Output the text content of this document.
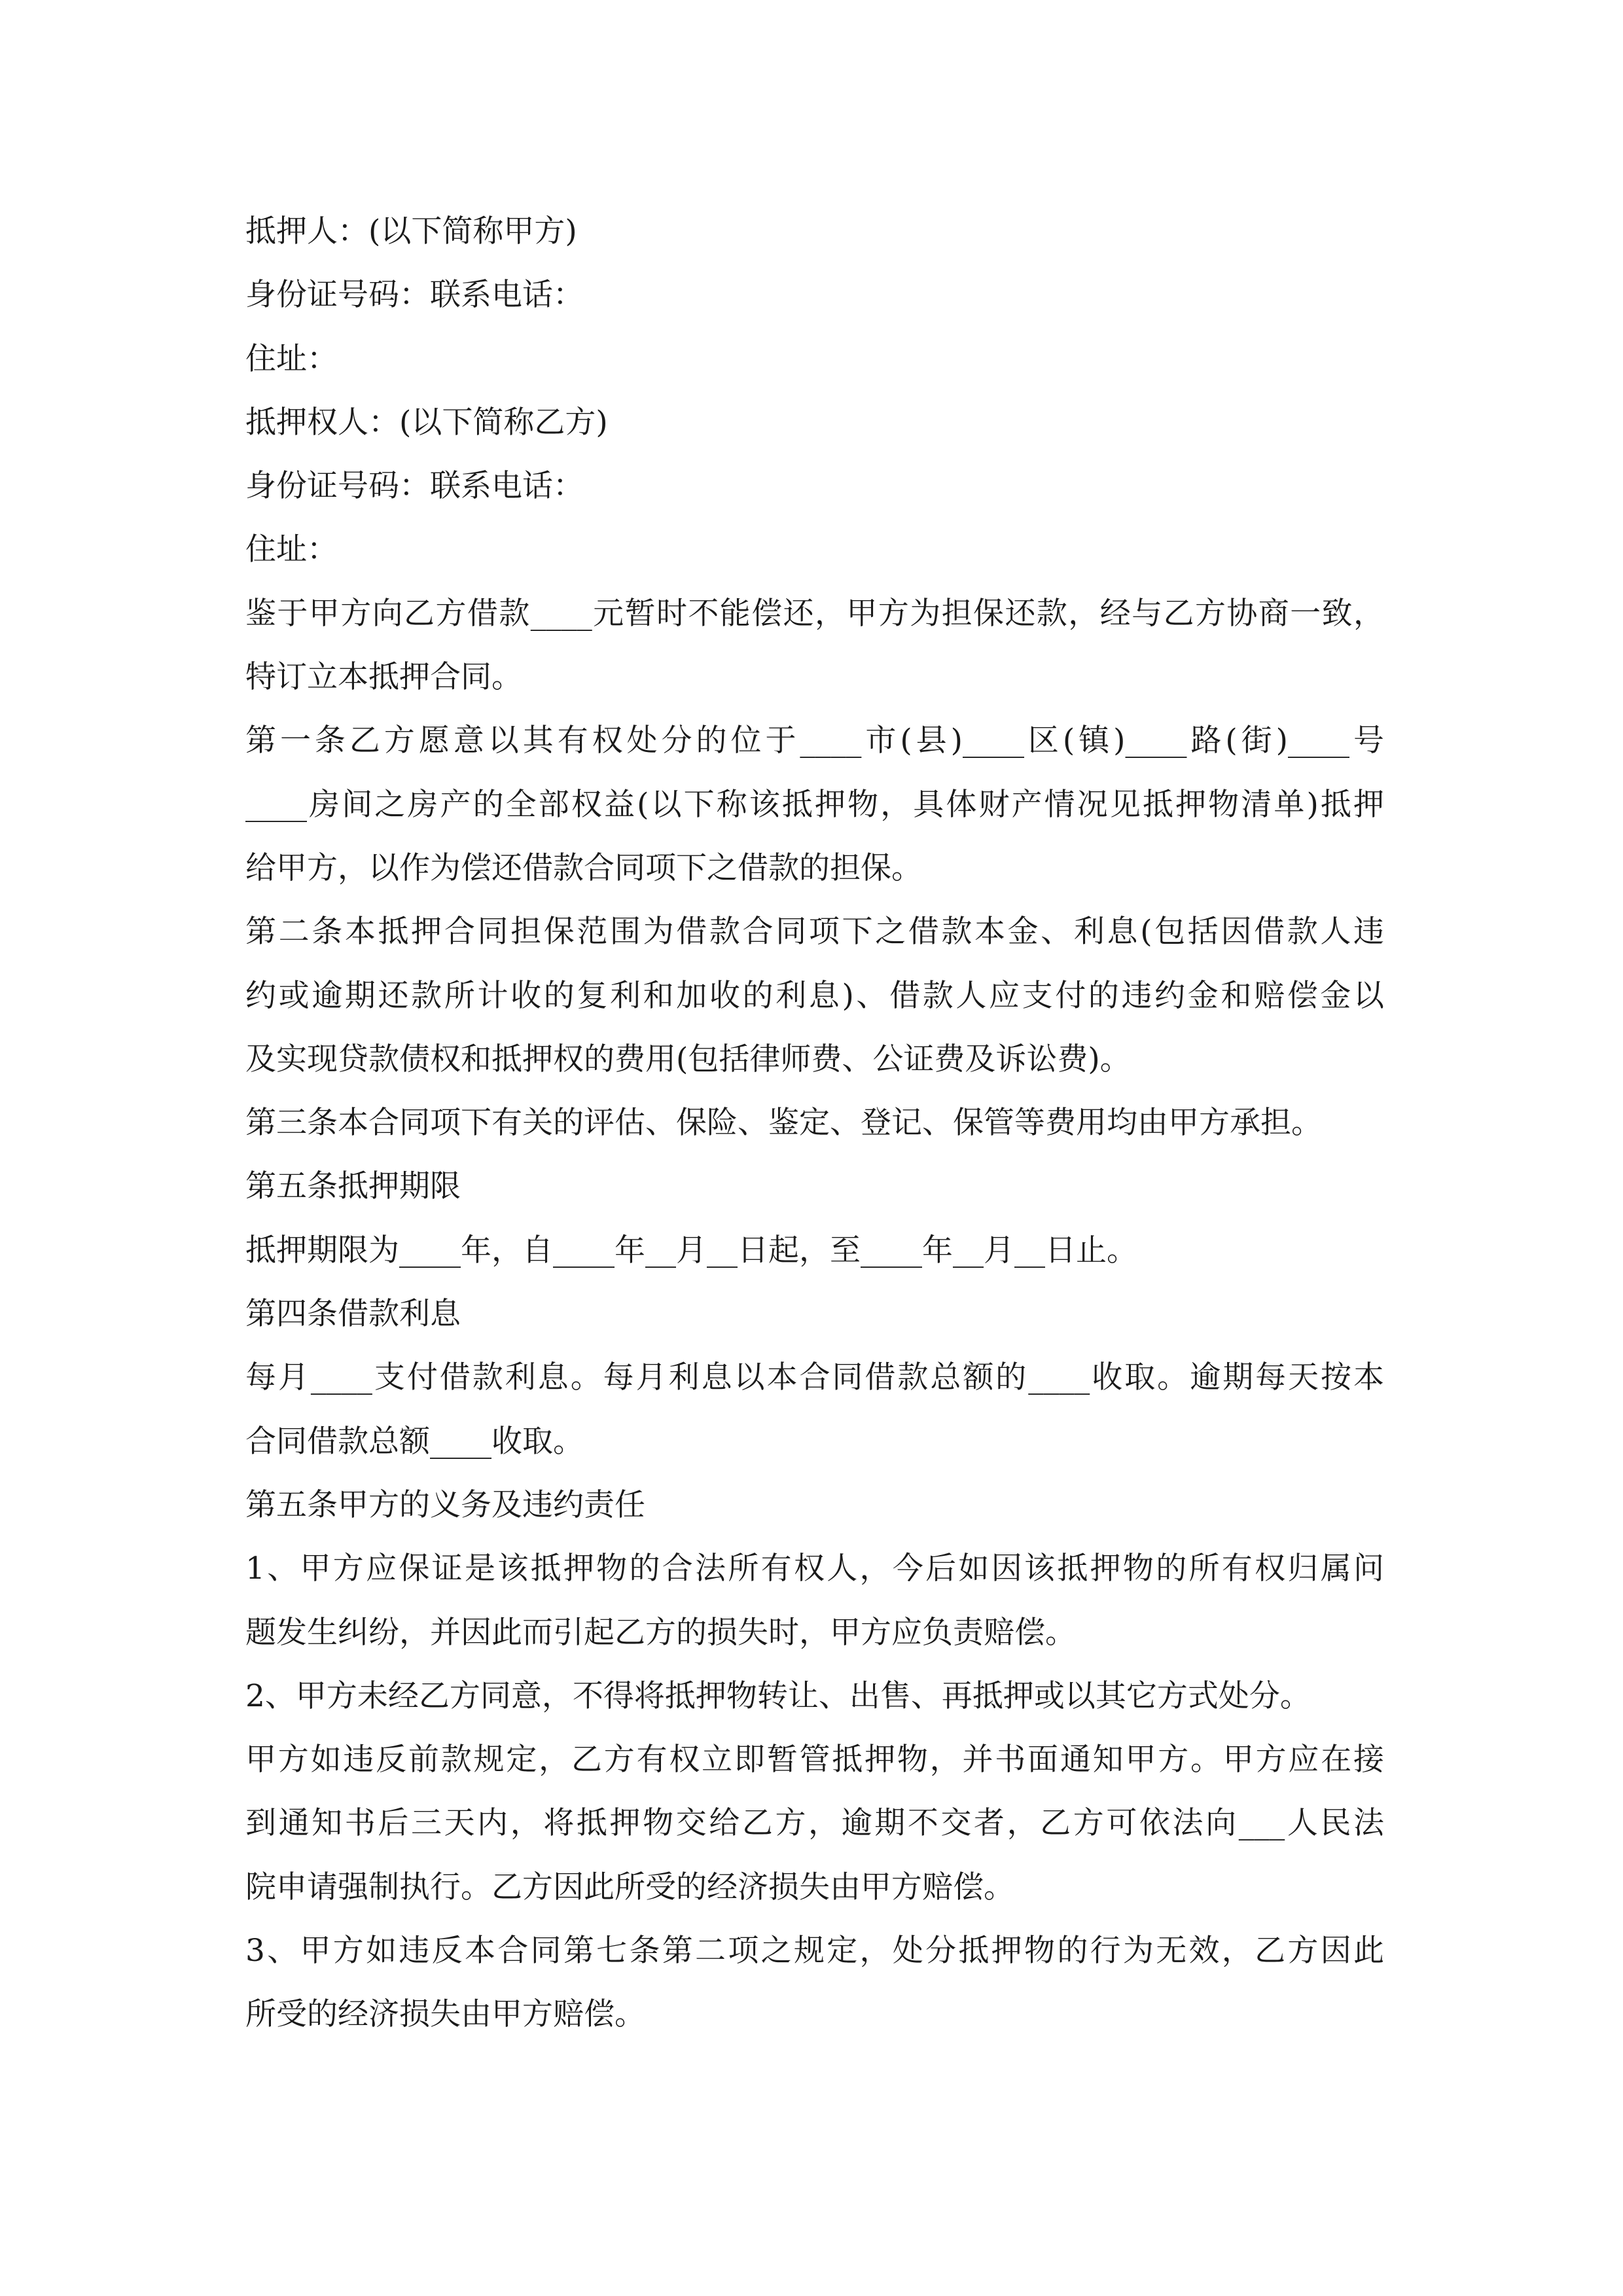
抵押人：(以下简称甲方)
身份证号码：联系电话：
住址：
抵押权人：(以下简称乙方)
身份证号码：联系电话：
住址：
鉴于甲方向乙方借款____元暂时不能偿还，甲方为担保还款，经与乙方协商一致，
特订立本抵押合同。
第一条乙方愿意以其有权处分的位于____市(县)____区(镇)____路(街)____号
____房间之房产的全部权益(以下称该抵押物，具体财产情况见抵押物清单)抵押
给甲方，以作为偿还借款合同项下之借款的担保。
第二条本抵押合同担保范围为借款合同项下之借款本金、利息(包括因借款人违
约或逾期还款所计收的复利和加收的利息)、借款人应支付的违约金和赔偿金以
及实现贷款债权和抵押权的费用(包括律师费、公证费及诉讼费)。
第三条本合同项下有关的评估、保险、鉴定、登记、保管等费用均由甲方承担。
第五条抵押期限
抵押期限为____年，自____年__月__日起，至____年__月__日止。
第四条借款利息
每月____支付借款利息。每月利息以本合同借款总额的____收取。逾期每天按本
合同借款总额____收取。
第五条甲方的义务及违约责任
1、甲方应保证是该抵押物的合法所有权人，今后如因该抵押物的所有权归属问
题发生纠纷，并因此而引起乙方的损失时，甲方应负责赔偿。
2、甲方未经乙方同意，不得将抵押物转让、出售、再抵押或以其它方式处分。
甲方如违反前款规定，乙方有权立即暂管抵押物，并书面通知甲方。甲方应在接
到通知书后三天内，将抵押物交给乙方，逾期不交者，乙方可依法向___人民法
院申请强制执行。乙方因此所受的经济损失由甲方赔偿。
3、甲方如违反本合同第七条第二项之规定，处分抵押物的行为无效，乙方因此
所受的经济损失由甲方赔偿。
